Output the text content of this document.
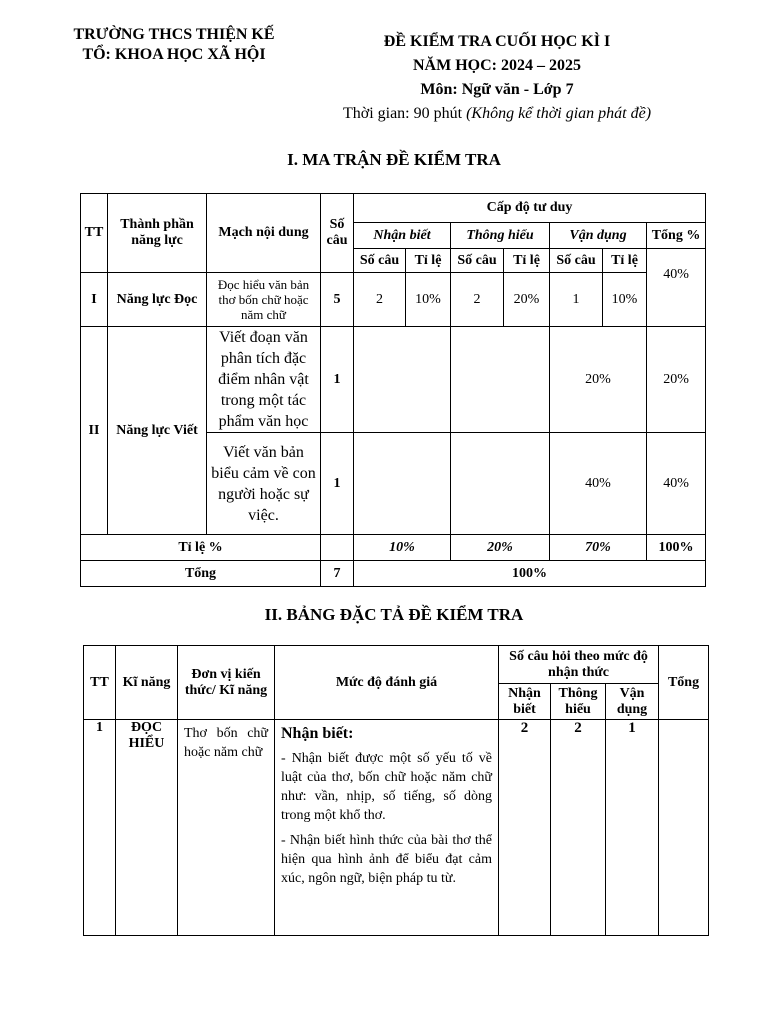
TRƯỜNG THCS THIỆN KẾ
TỔ: KHOA HỌC XÃ HỘI
ĐỀ KIỂM TRA CUỐI HỌC KÌ I
NĂM HỌC: 2024 – 2025
Môn: Ngữ văn - Lớp 7
Thời gian: 90 phút (Không kể thời gian phát đề)
I. MA TRẬN ĐỀ KIỂM TRA
TT	Thành phần năng lực	Mạch nội dung	Số câu	Cấp độ tư duy						
				Nhận biết		Thông hiểu		Vận dụng		Tổng %
				Số câu	Tỉ lệ	Số câu	Tỉ lệ	Số câu	Tỉ lệ	40%
I	Năng lực Đọc	Đọc hiểu văn bản thơ bốn chữ hoặc năm chữ	5	2	10%	2	20%	1	10%	
II	Năng lực Viết	Viết đoạn văn phân tích đặc điểm nhân vật trong một tác phẩm văn học	1					20%		20%
		Viết văn bản biểu cảm về con người hoặc sự việc.	1					40%		40%
Tỉ lệ %				10%		20%		70%		100%
Tổng			7	100%						
II. BẢNG ĐẶC TẢ ĐỀ KIỂM TRA
TT	Kĩ năng	Đơn vị kiến thức/ Kĩ năng	Mức độ đánh giá	Số câu hỏi theo mức độ nhận thức			Tổng
				Nhận biết	Thông hiểu	Vận dụng	
1	ĐỌC HIỂU	Thơ bốn chữ hoặc năm chữ	Nhận biết:

- Nhận biết được một số yếu tố về luật của thơ, bốn chữ hoặc năm chữ như: vần, nhịp, số tiếng, số dòng trong một khổ thơ.

- Nhận biết hình thức của bài thơ thể hiện qua hình ảnh để biểu đạt cảm xúc, ngôn ngữ, biện pháp tu từ.	2	2	1	
